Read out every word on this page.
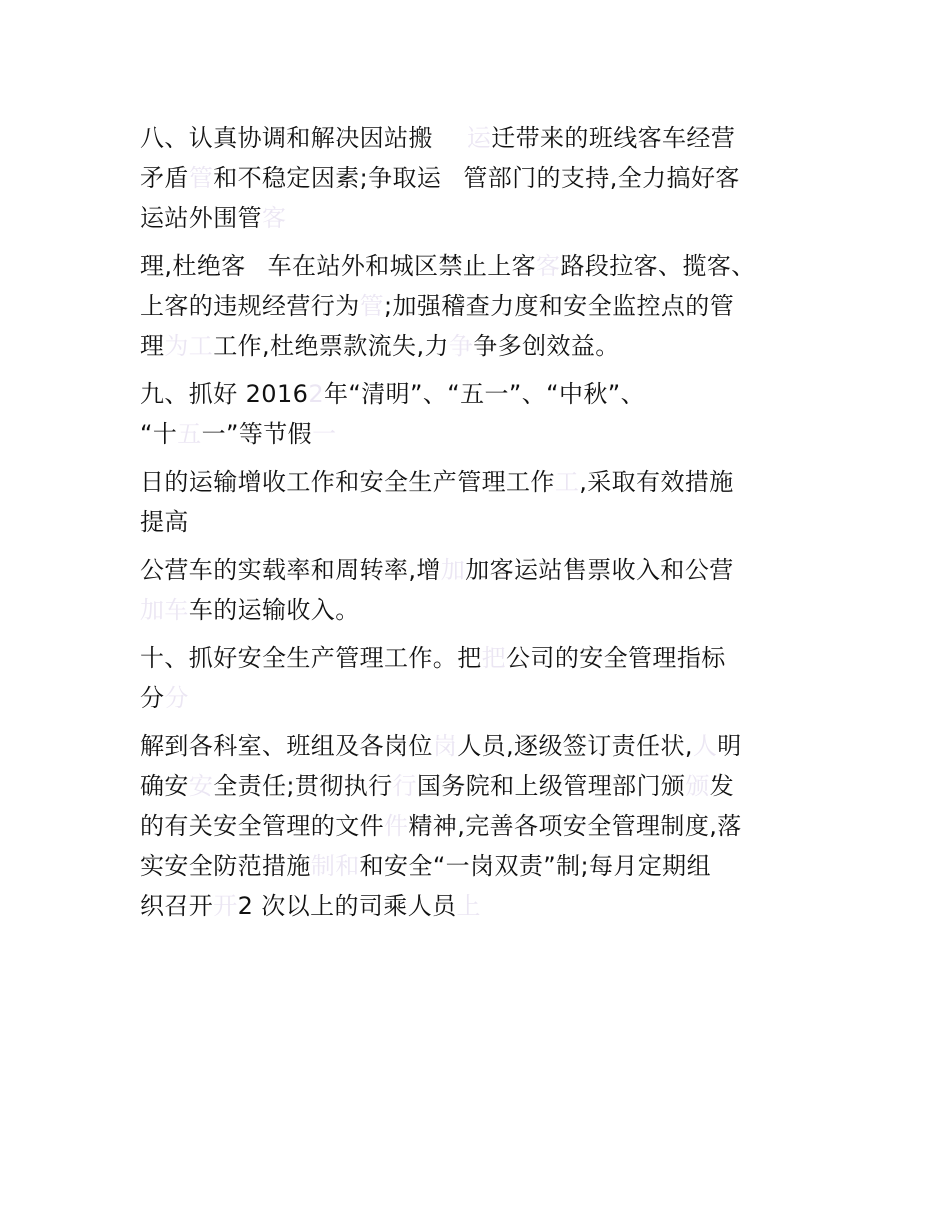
八、认真协调和解决因站搬 运迁带来的班线客车经营
矛盾管和不稳定因素;争取运 管部门的支持,全力搞好客
运站外围管客

理,杜绝客 车在站外和城区禁止上客客路段拉客、揽客、
上客的违规经营行为管;加强稽查力度和安全监控点的管
理为工工作,杜绝票款流失,力争争多创效益。

九、抓好 20162年“清明”、“五一”、“中秋”、
“十五一”等节假一

日的运输增收工作和安全生产管理工作工,采取有效措施
提高

公营车的实载率和周转率,增加加客运站售票收入和公营
加车车的运输收入。

十、抓好安全生产管理工作。把把公司的安全管理指标
分分

解到各科室、班组及各岗位岗人员,逐级签订责任状,人明
确安安全责任;贯彻执行行国务院和上级管理部门颁颁发
的有关安全管理的文件件精神,完善各项安全管理制度,落
实安全防范措施制和和安全“一岗双责”制;每月定期组
织召开开2 次以上的司乘人员上
